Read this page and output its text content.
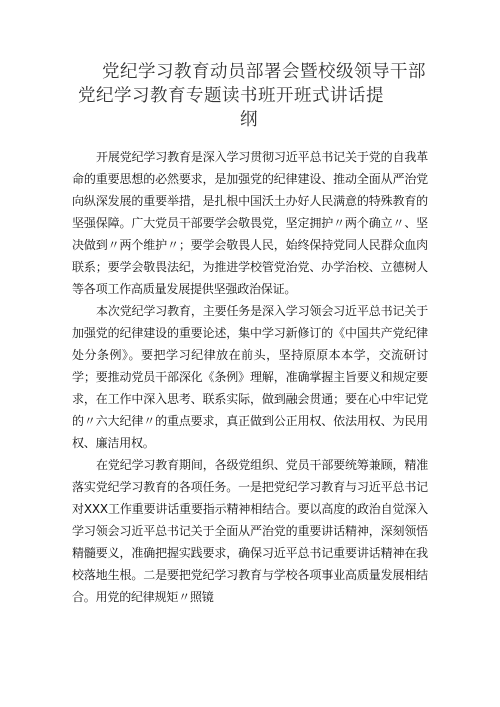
党纪学习教育动员部署会暨校级领导干部
党纪学习教育专题读书班开班式讲话提
纲

开展党纪学习教育是深入学习贯彻习近平总书记关于党的自我革命的重要思想的必然要求，是加强党的纪律建设、推动全面从严治党向纵深发展的重要举措，是扎根中国沃土办好人民满意的特殊教育的坚强保障。广大党员干部要学会敬畏党，坚定拥护〃两个确立〃、坚决做到〃两个维护〃；要学会敬畏人民，始终保持党同人民群众血肉联系；要学会敬畏法纪，为推进学校管党治党、办学治校、立德树人等各项工作高质量发展提供坚强政治保证。

本次党纪学习教育，主要任务是深入学习领会习近平总书记关于加强党的纪律建设的重要论述，集中学习新修订的《中国共产党纪律处分条例》。要把学习纪律放在前头，坚持原原本本学，交流研讨学；要推动党员干部深化《条例》理解，准确掌握主旨要义和规定要求，在工作中深入思考、联系实际，做到融会贯通；要在心中牢记党的〃六大纪律〃的重点要求，真正做到公正用权、依法用权、为民用权、廉洁用权。

在党纪学习教育期间，各级党组织、党员干部要统筹兼顾，精准落实党纪学习教育的各项任务。一是把党纪学习教育与习近平总书记对XXX工作重要讲话重要指示精神相结合。要以高度的政治自觉深入学习领会习近平总书记关于全面从严治党的重要讲话精神，深刻领悟精髓要义，准确把握实践要求，确保习近平总书记重要讲话精神在我校落地生根。二是要把党纪学习教育与学校各项事业高质量发展相结合。用党的纪律规矩〃照镜
